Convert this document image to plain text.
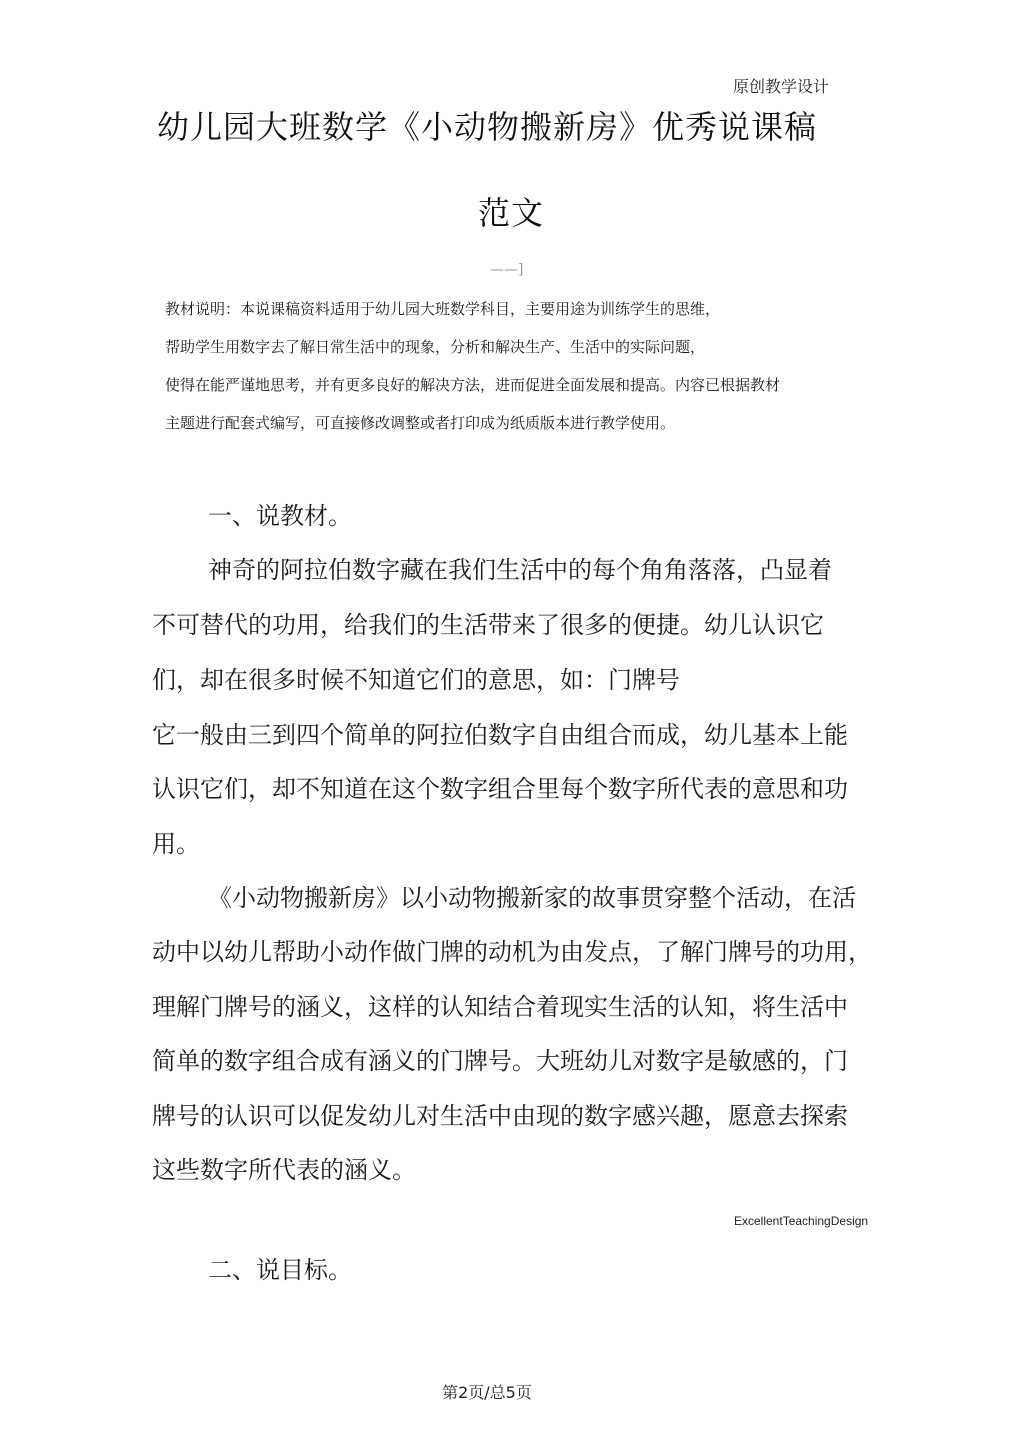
原创教学设计
幼儿园大班数学《小动物搬新房》优秀说课稿
范文
——]
教材说明：本说课稿资料适用于幼儿园大班数学科目，主要用途为训练学生的思维，
帮助学生用数字去了解日常生活中的现象，分析和解决生产、生活中的实际问题，
使得在能严谨地思考，并有更多良好的解决方法，进而促进全面发展和提高。内容已根据教材
主题进行配套式编写，可直接修改调整或者打印成为纸质版本进行教学使用。
一、说教材。
神奇的阿拉伯数字藏在我们生活中的每个角角落落，凸显着
不可替代的功用，给我们的生活带来了很多的便捷。幼儿认识它
们，却在很多时候不知道它们的意思，如：门牌号
它一般由三到四个简单的阿拉伯数字自由组合而成，幼儿基本上能
认识它们，却不知道在这个数字组合里每个数字所代表的意思和功
用。
《小动物搬新房》以小动物搬新家的故事贯穿整个活动，在活
动中以幼儿帮助小动作做门牌的动机为由发点，了解门牌号的功用，
理解门牌号的涵义，这样的认知结合着现实生活的认知，将生活中
简单的数字组合成有涵义的门牌号。大班幼儿对数字是敏感的，门
牌号的认识可以促发幼儿对生活中由现的数字感兴趣，愿意去探索
这些数字所代表的涵义。
ExcellentTeachingDesign
二、说目标。
第2页/总5页
